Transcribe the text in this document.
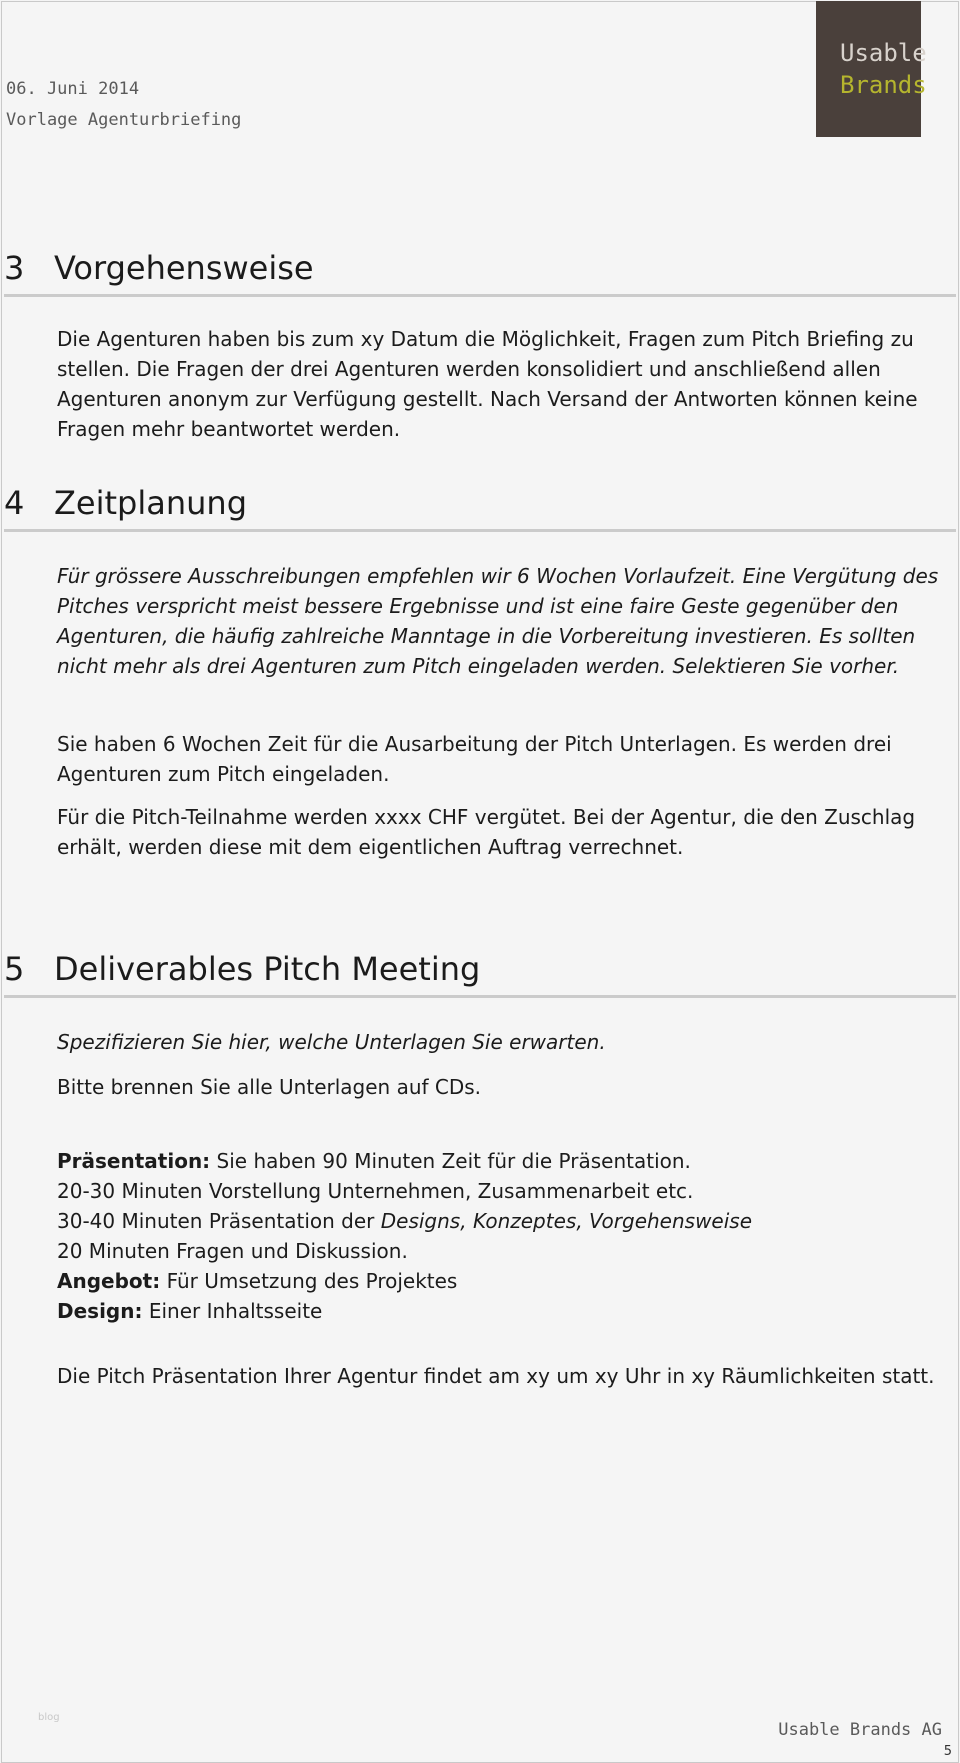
06. Juni 2014
Vorlage Agenturbriefing
Usable
Brands
3 Vorgehensweise
Die Agenturen haben bis zum xy Datum die Möglichkeit, Fragen zum Pitch Briefing zu stellen. Die Fragen der drei Agenturen werden konsolidiert und anschließend allen Agenturen anonym zur Verfügung gestellt. Nach Versand der Antworten können keine Fragen mehr beantwortet werden.
4 Zeitplanung
Für grössere Ausschreibungen empfehlen wir 6 Wochen Vorlaufzeit. Eine Vergütung des Pitches verspricht meist bessere Ergebnisse und ist eine faire Geste gegenüber den Agenturen, die häufig zahlreiche Manntage in die Vorbereitung investieren. Es sollten nicht mehr als drei Agenturen zum Pitch eingeladen werden. Selektieren Sie vorher.
Sie haben 6 Wochen Zeit für die Ausarbeitung der Pitch Unterlagen. Es werden drei Agenturen zum Pitch eingeladen.
Für die Pitch-Teilnahme werden xxxx CHF vergütet. Bei der Agentur, die den Zuschlag erhält, werden diese mit dem eigentlichen Auftrag verrechnet.
5 Deliverables Pitch Meeting
Spezifizieren Sie hier, welche Unterlagen Sie erwarten.
Bitte brennen Sie alle Unterlagen auf CDs.
Präsentation: Sie haben 90 Minuten Zeit für die Präsentation.
20-30 Minuten Vorstellung Unternehmen, Zusammenarbeit etc.
30-40 Minuten Präsentation der Designs, Konzeptes, Vorgehensweise
20 Minuten Fragen und Diskussion.
Angebot: Für Umsetzung des Projektes
Design: Einer Inhaltsseite
Die Pitch Präsentation Ihrer Agentur findet am xy um xy Uhr in xy Räumlichkeiten statt.
blog
Usable Brands AG
5
